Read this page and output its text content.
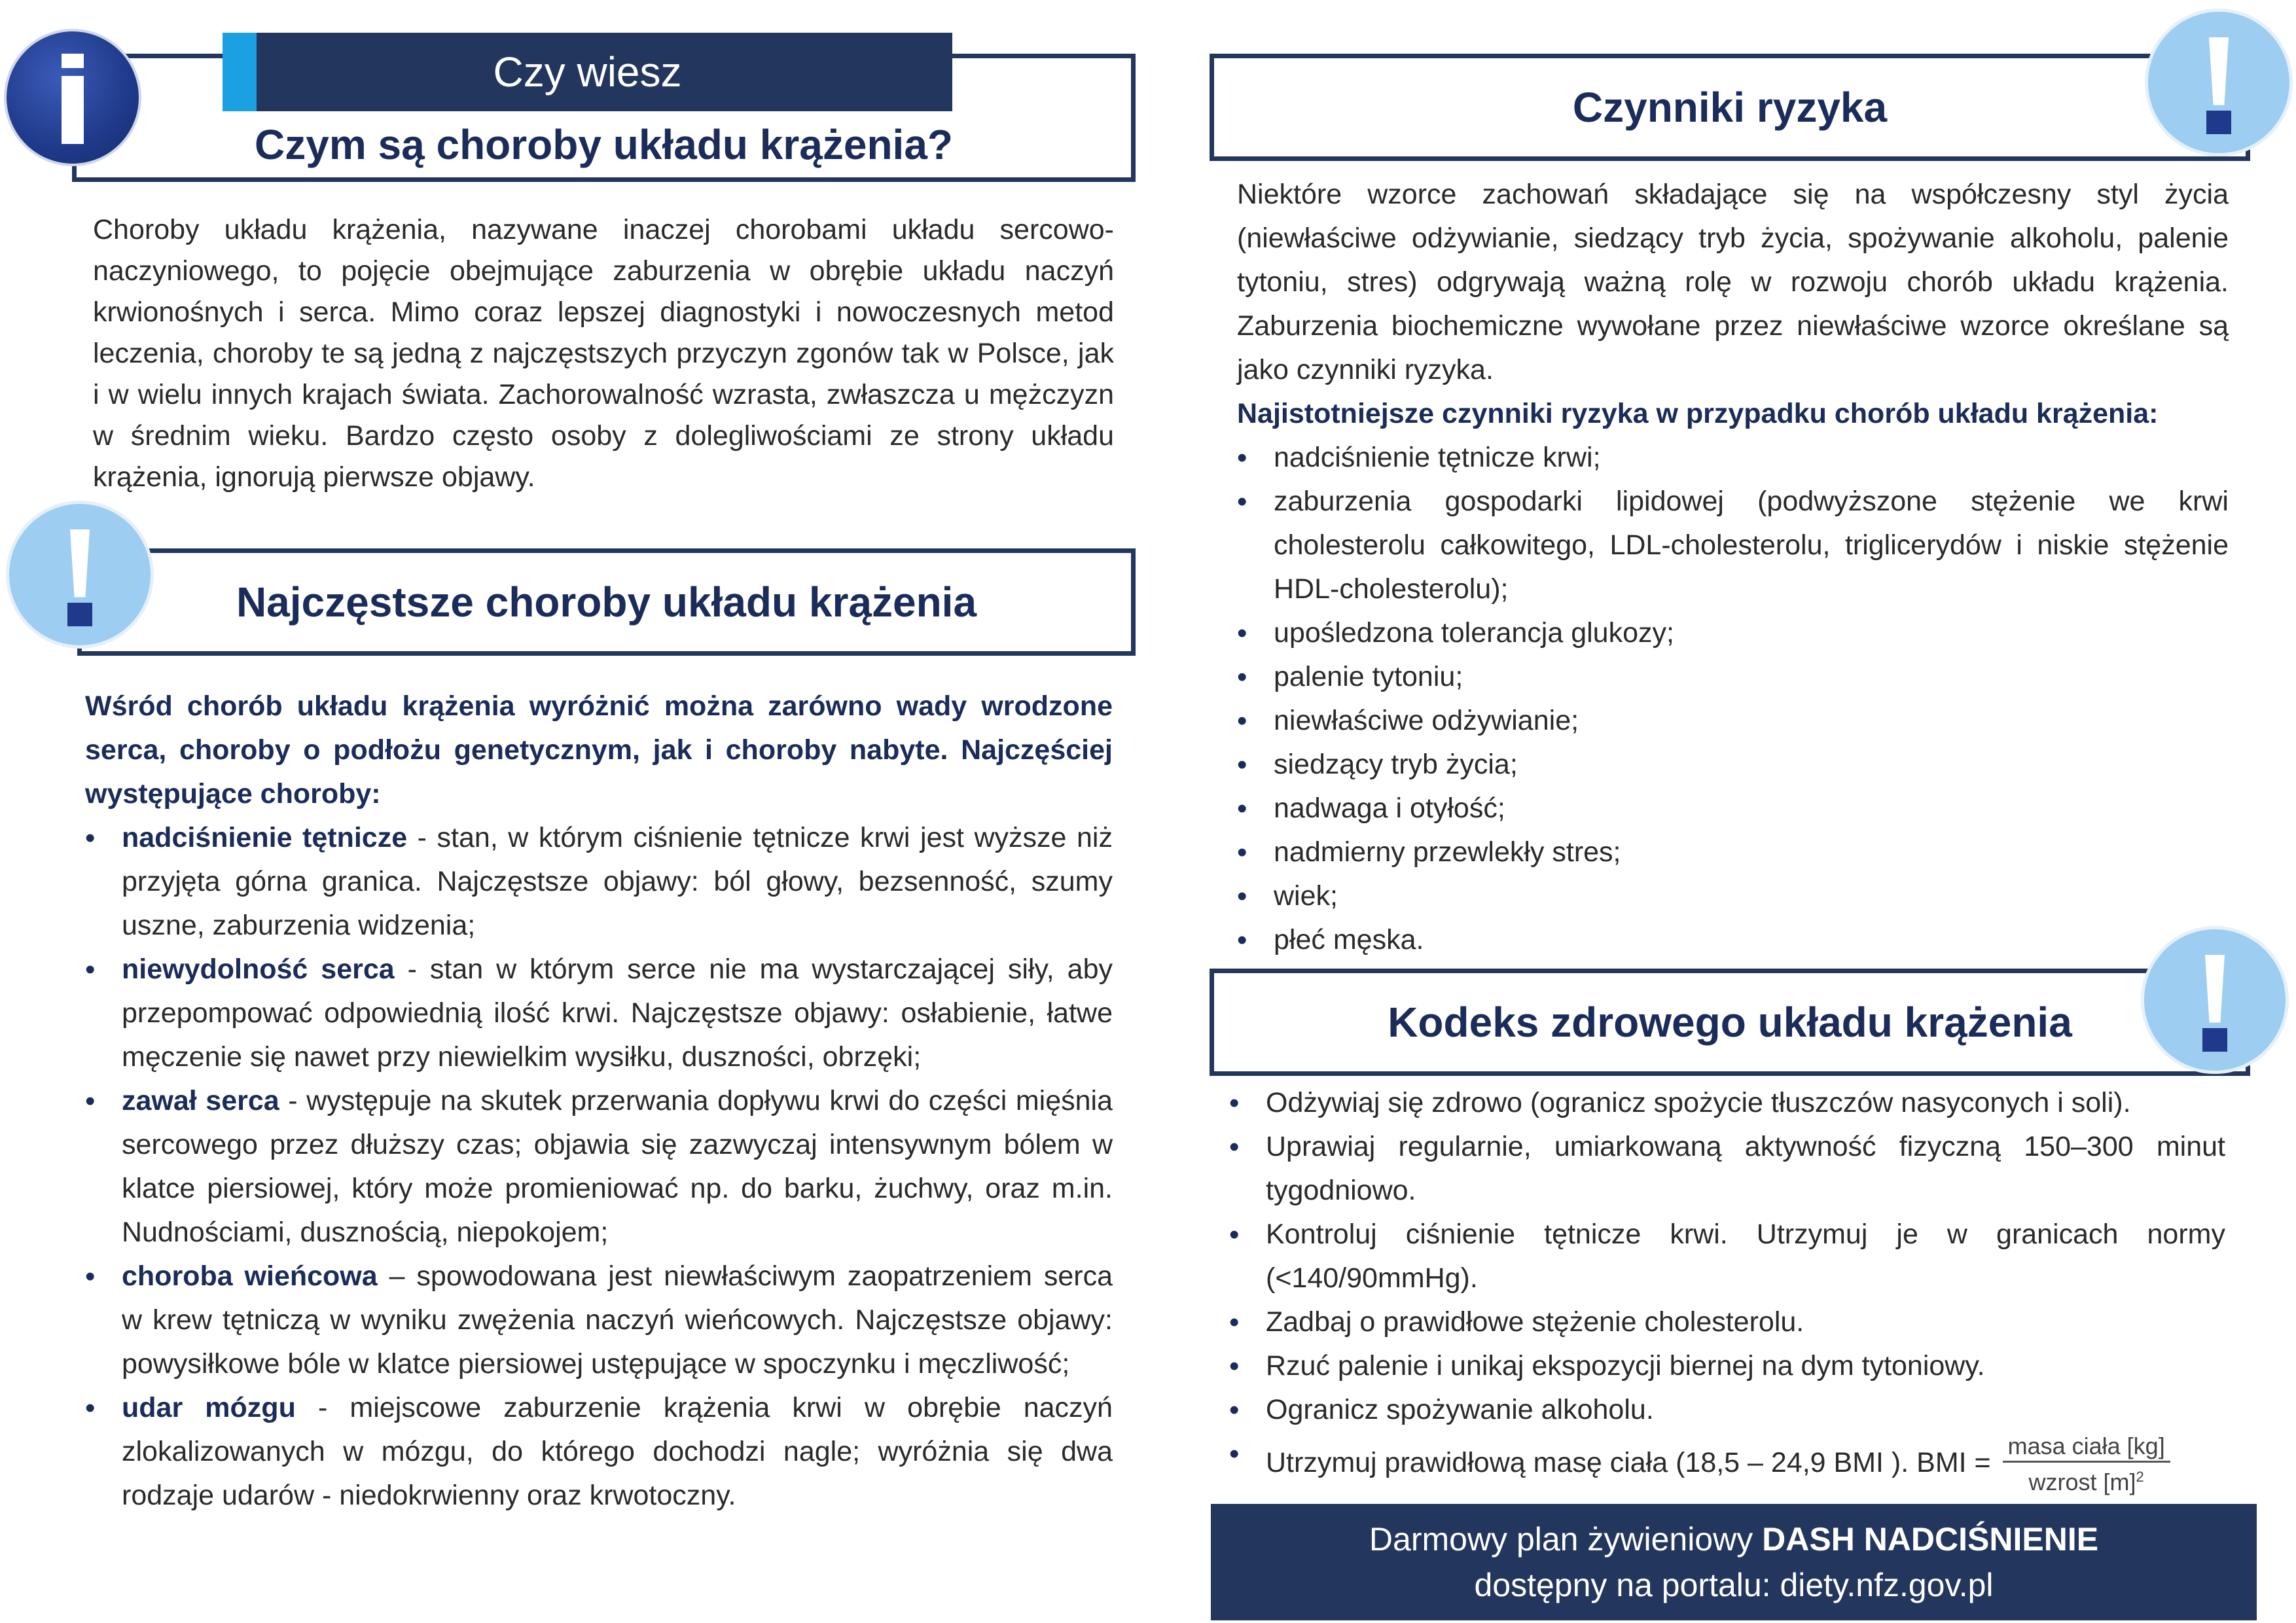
Czym są choroby układu krążenia?
Czy wiesz
Choroby układu krążenia, nazywane inaczej chorobami układu sercowo-naczyniowego, to pojęcie obejmujące zaburzenia w obrębie układu naczyń krwionośnych i serca. Mimo coraz lepszej diagnostyki i nowoczesnych metod leczenia, choroby te są jedną z najczęstszych przyczyn zgonów tak w Polsce, jak i w wielu innych krajach świata. Zachorowalność wzrasta, zwłaszcza u mężczyzn w średnim wieku. Bardzo często osoby z dolegliwościami ze strony układu krążenia, ignorują pierwsze objawy.
Najczęstsze choroby układu krążenia
Wśród chorób układu krążenia wyróżnić można zarówno wady wrodzone serca, choroby o podłożu genetycznym, jak i choroby nabyte. Najczęściej występujące choroby:
• nadciśnienie tętnicze - stan, w którym ciśnienie tętnicze krwi jest wyższe niż przyjęta górna granica. Najczęstsze objawy: ból głowy, bezsenność, szumy uszne, zaburzenia widzenia;
• niewydolność serca - stan w którym serce nie ma wystarczającej siły, aby przepompować odpowiednią ilość krwi. Najczęstsze objawy: osłabienie, łatwe męczenie się nawet przy niewielkim wysiłku, duszności, obrzęki;
• zawał serca - występuje na skutek przerwania dopływu krwi do części mięśnia sercowego przez dłuższy czas; objawia się zazwyczaj intensywnym bólem w klatce piersiowej, który może promieniować np. do barku, żuchwy, oraz m.in. Nudnościami, dusznością, niepokojem;
• choroba wieńcowa – spowodowana jest niewłaściwym zaopatrzeniem serca w krew tętniczą w wyniku zwężenia naczyń wieńcowych. Najczęstsze objawy: powysiłkowe bóle w klatce piersiowej ustępujące w spoczynku i męczliwość;
• udar mózgu - miejscowe zaburzenie krążenia krwi w obrębie naczyń zlokalizowanych w mózgu, do którego dochodzi nagle; wyróżnia się dwa rodzaje udarów - niedokrwienny oraz krwotoczny.
Czynniki ryzyka
Niektóre wzorce zachowań składające się na współczesny styl życia (niewłaściwe odżywianie, siedzący tryb życia, spożywanie alkoholu, palenie tytoniu, stres) odgrywają ważną rolę w rozwoju chorób układu krążenia. Zaburzenia biochemiczne wywołane przez niewłaściwe wzorce określane są jako czynniki ryzyka.
Najistotniejsze czynniki ryzyka w przypadku chorób układu krążenia:
• nadciśnienie tętnicze krwi;
• zaburzenia gospodarki lipidowej (podwyższone stężenie we krwi cholesterolu całkowitego, LDL-cholesterolu, triglicerydów i niskie stężenie HDL-cholesterolu);
• upośledzona tolerancja glukozy;
• palenie tytoniu;
• niewłaściwe odżywianie;
• siedzący tryb życia;
• nadwaga i otyłość;
• nadmierny przewlekły stres;
• wiek;
• płeć męska.
Kodeks zdrowego układu krążenia
• Odżywiaj się zdrowo (ogranicz spożycie tłuszczów nasyconych i soli).
• Uprawiaj regularnie, umiarkowaną aktywność fizyczną 150–300 minut tygodniowo.
• Kontroluj ciśnienie tętnicze krwi. Utrzymuj je w granicach normy (<140/90mmHg).
• Zadbaj o prawidłowe stężenie cholesterolu.
• Rzuć palenie i unikaj ekspozycji biernej na dym tytoniowy.
• Ogranicz spożywanie alkoholu.
• Utrzymuj prawidłową masę ciała (18,5 – 24,9 BMI ). BMI = $\frac{\text{masa ciała [kg]}}{wzrost [m]^2}$
Darmowy plan żywieniowy DASH NADCIŚNIENIE
dostępny na portalu: diety.nfz.gov.pl
